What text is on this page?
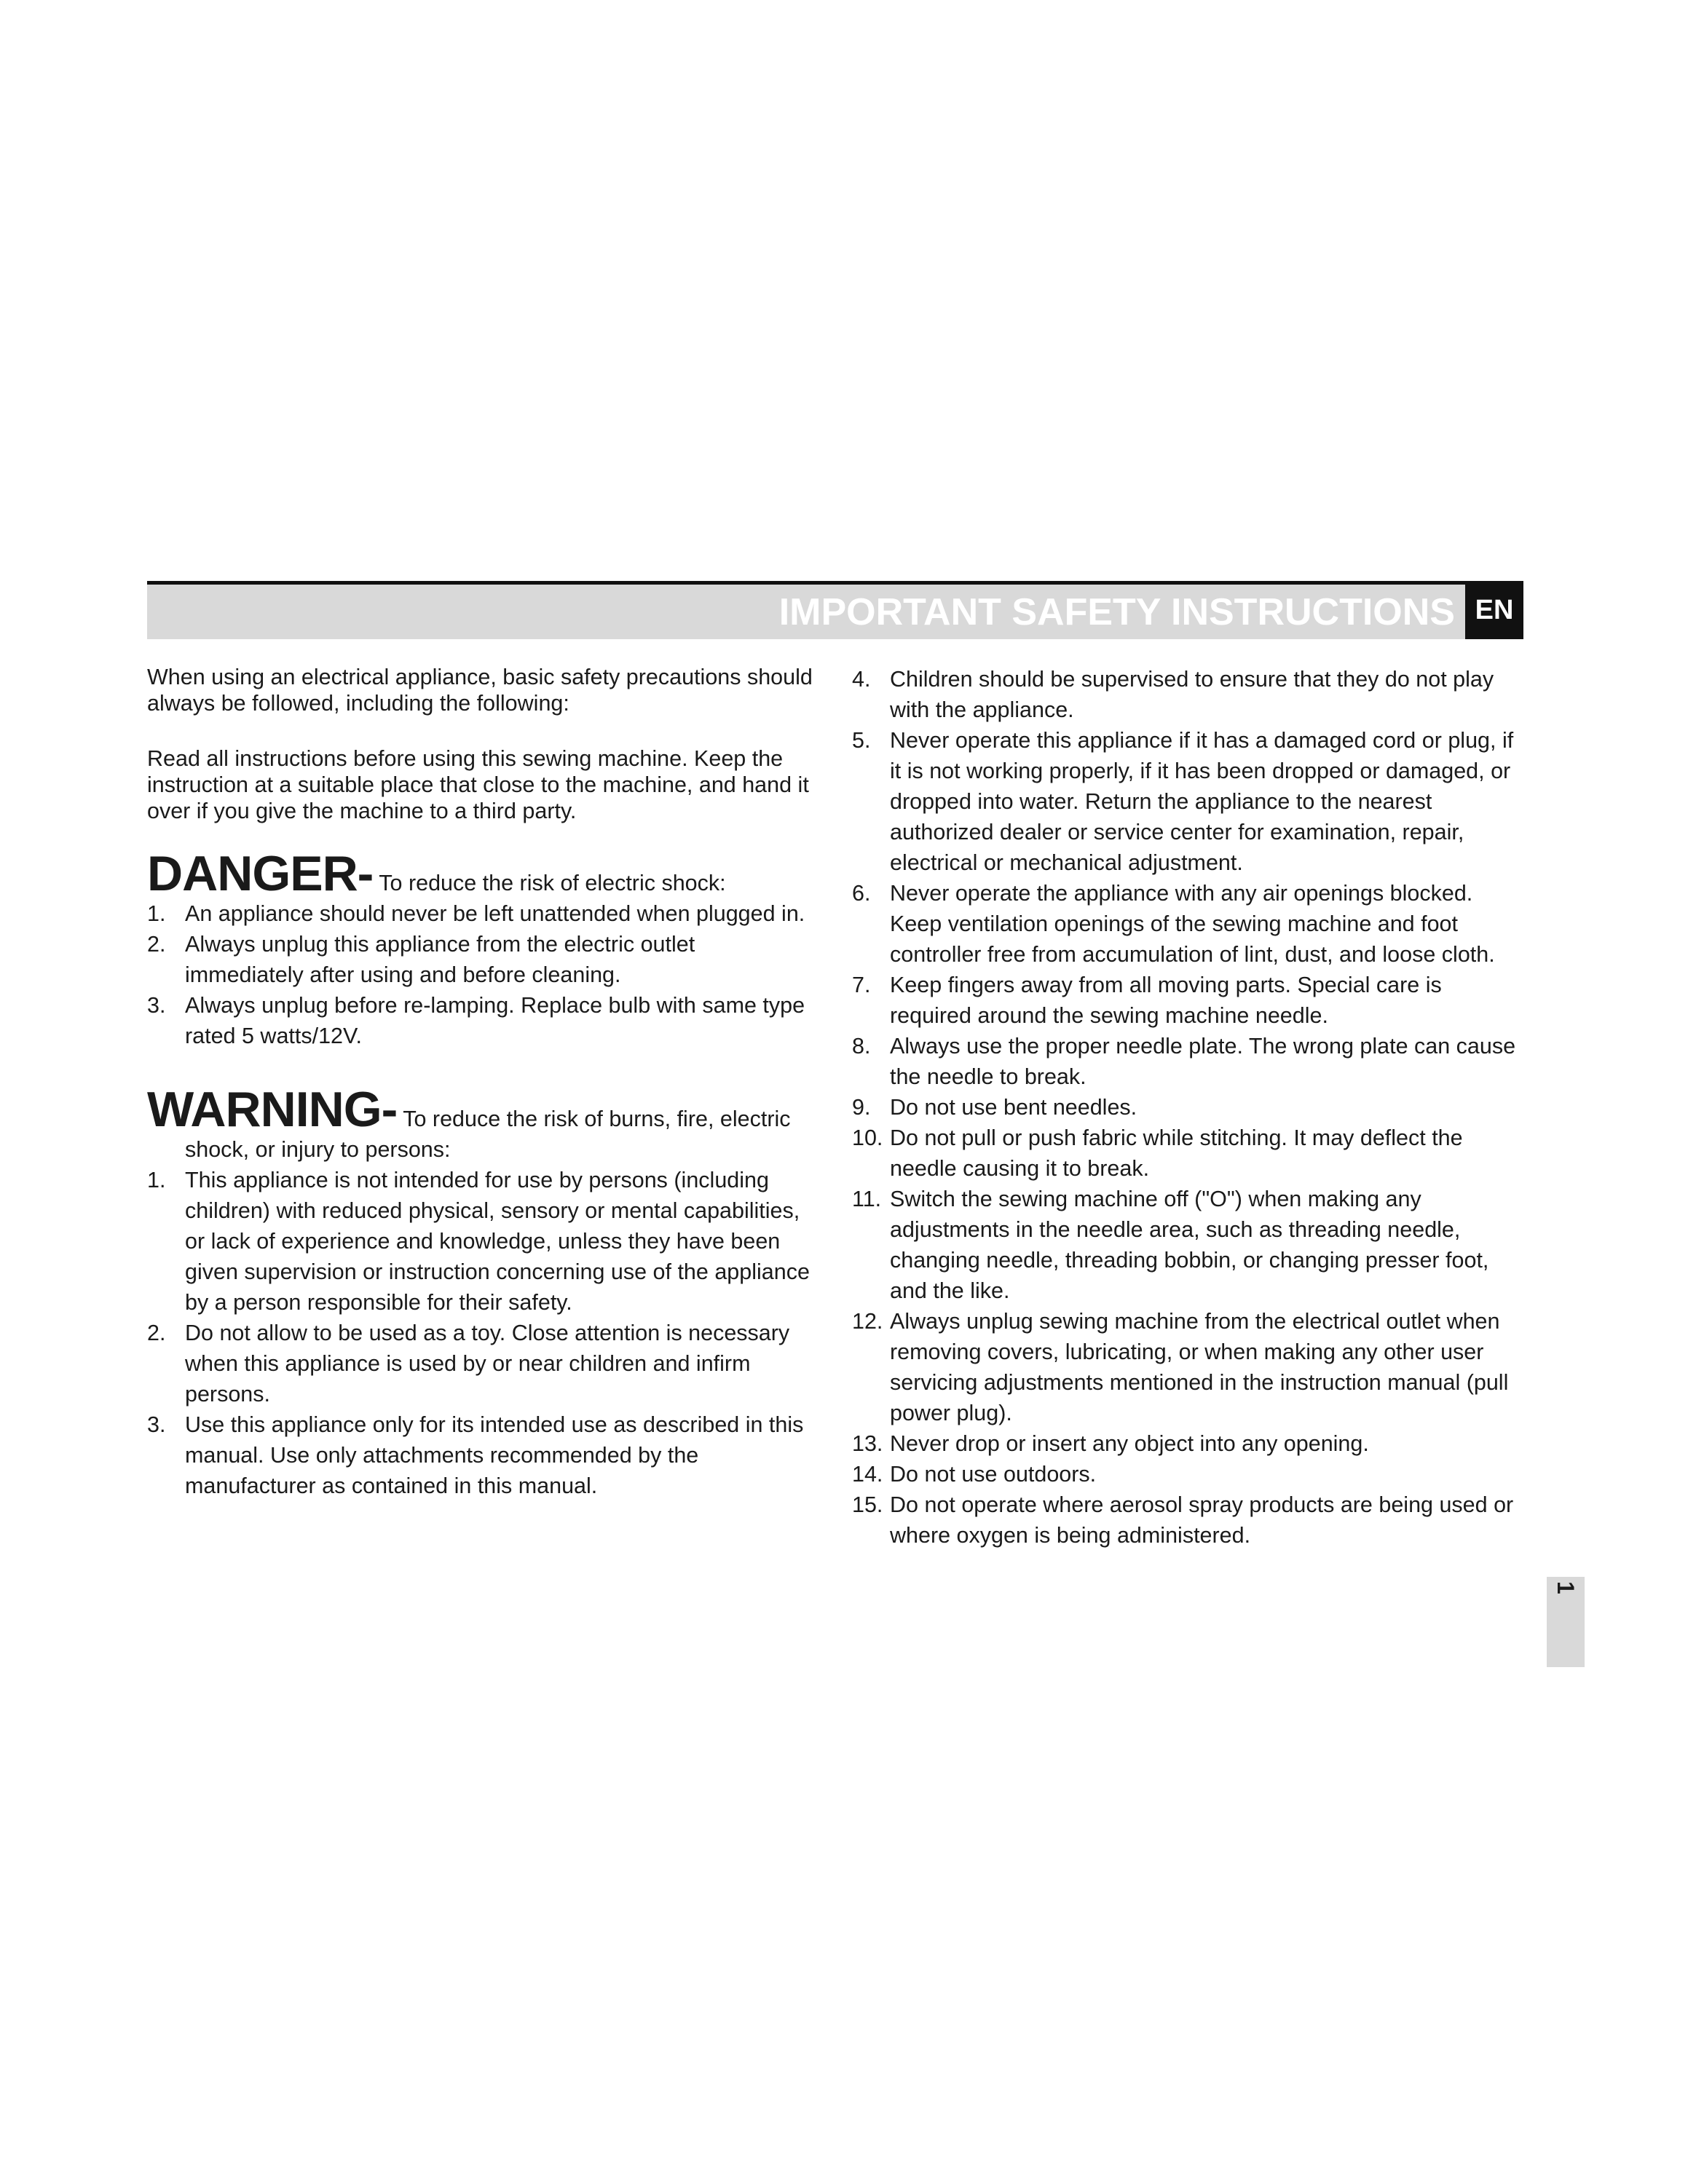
IMPORTANT SAFETY INSTRUCTIONS EN

When using an electrical appliance, basic safety precautions should always be followed, including the following:

Read all instructions before using this sewing machine. Keep the instruction at a suitable place that close to the machine, and hand it over if you give the machine to a third party.

DANGER- To reduce the risk of electric shock:
1. An appliance should never be left unattended when plugged in.
2. Always unplug this appliance from the electric outlet immediately after using and before cleaning.
3. Always unplug before re-lamping. Replace bulb with same type rated 5 watts/12V.
WARNING- To reduce the risk of burns, fire, electric
shock, or injury to persons:
1. This appliance is not intended for use by persons (including children) with reduced physical, sensory or mental capabilities, or lack of experience and knowledge, unless they have been given supervision or instruction concerning use of the appliance by a person responsible for their safety.
2. Do not allow to be used as a toy. Close attention is necessary when this appliance is used by or near children and infirm persons.
3. Use this appliance only for its intended use as described in this manual. Use only attachments recommended by the manufacturer as contained in this manual.
4. Children should be supervised to ensure that they do not play with the appliance.
5. Never operate this appliance if it has a damaged cord or plug, if it is not working properly, if it has been dropped or damaged, or dropped into water. Return the appliance to the nearest authorized dealer or service center for examination, repair, electrical or mechanical adjustment.
6. Never operate the appliance with any air openings blocked. Keep ventilation openings of the sewing machine and foot controller free from accumulation of lint, dust, and loose cloth.
7. Keep fingers away from all moving parts. Special care is required around the sewing machine needle.
8. Always use the proper needle plate. The wrong plate can cause the needle to break.
9. Do not use bent needles.
10. Do not pull or push fabric while stitching. It may deflect the needle causing it to break.
11. Switch the sewing machine off ("O") when making any adjustments in the needle area, such as threading needle, changing needle, threading bobbin, or changing presser foot, and the like.
12. Always unplug sewing machine from the electrical outlet when removing covers, lubricating, or when making any other user servicing adjustments mentioned in the instruction manual (pull power plug).
13. Never drop or insert any object into any opening.
14. Do not use outdoors.
15. Do not operate where aerosol spray products are being used or where oxygen is being administered.
1
